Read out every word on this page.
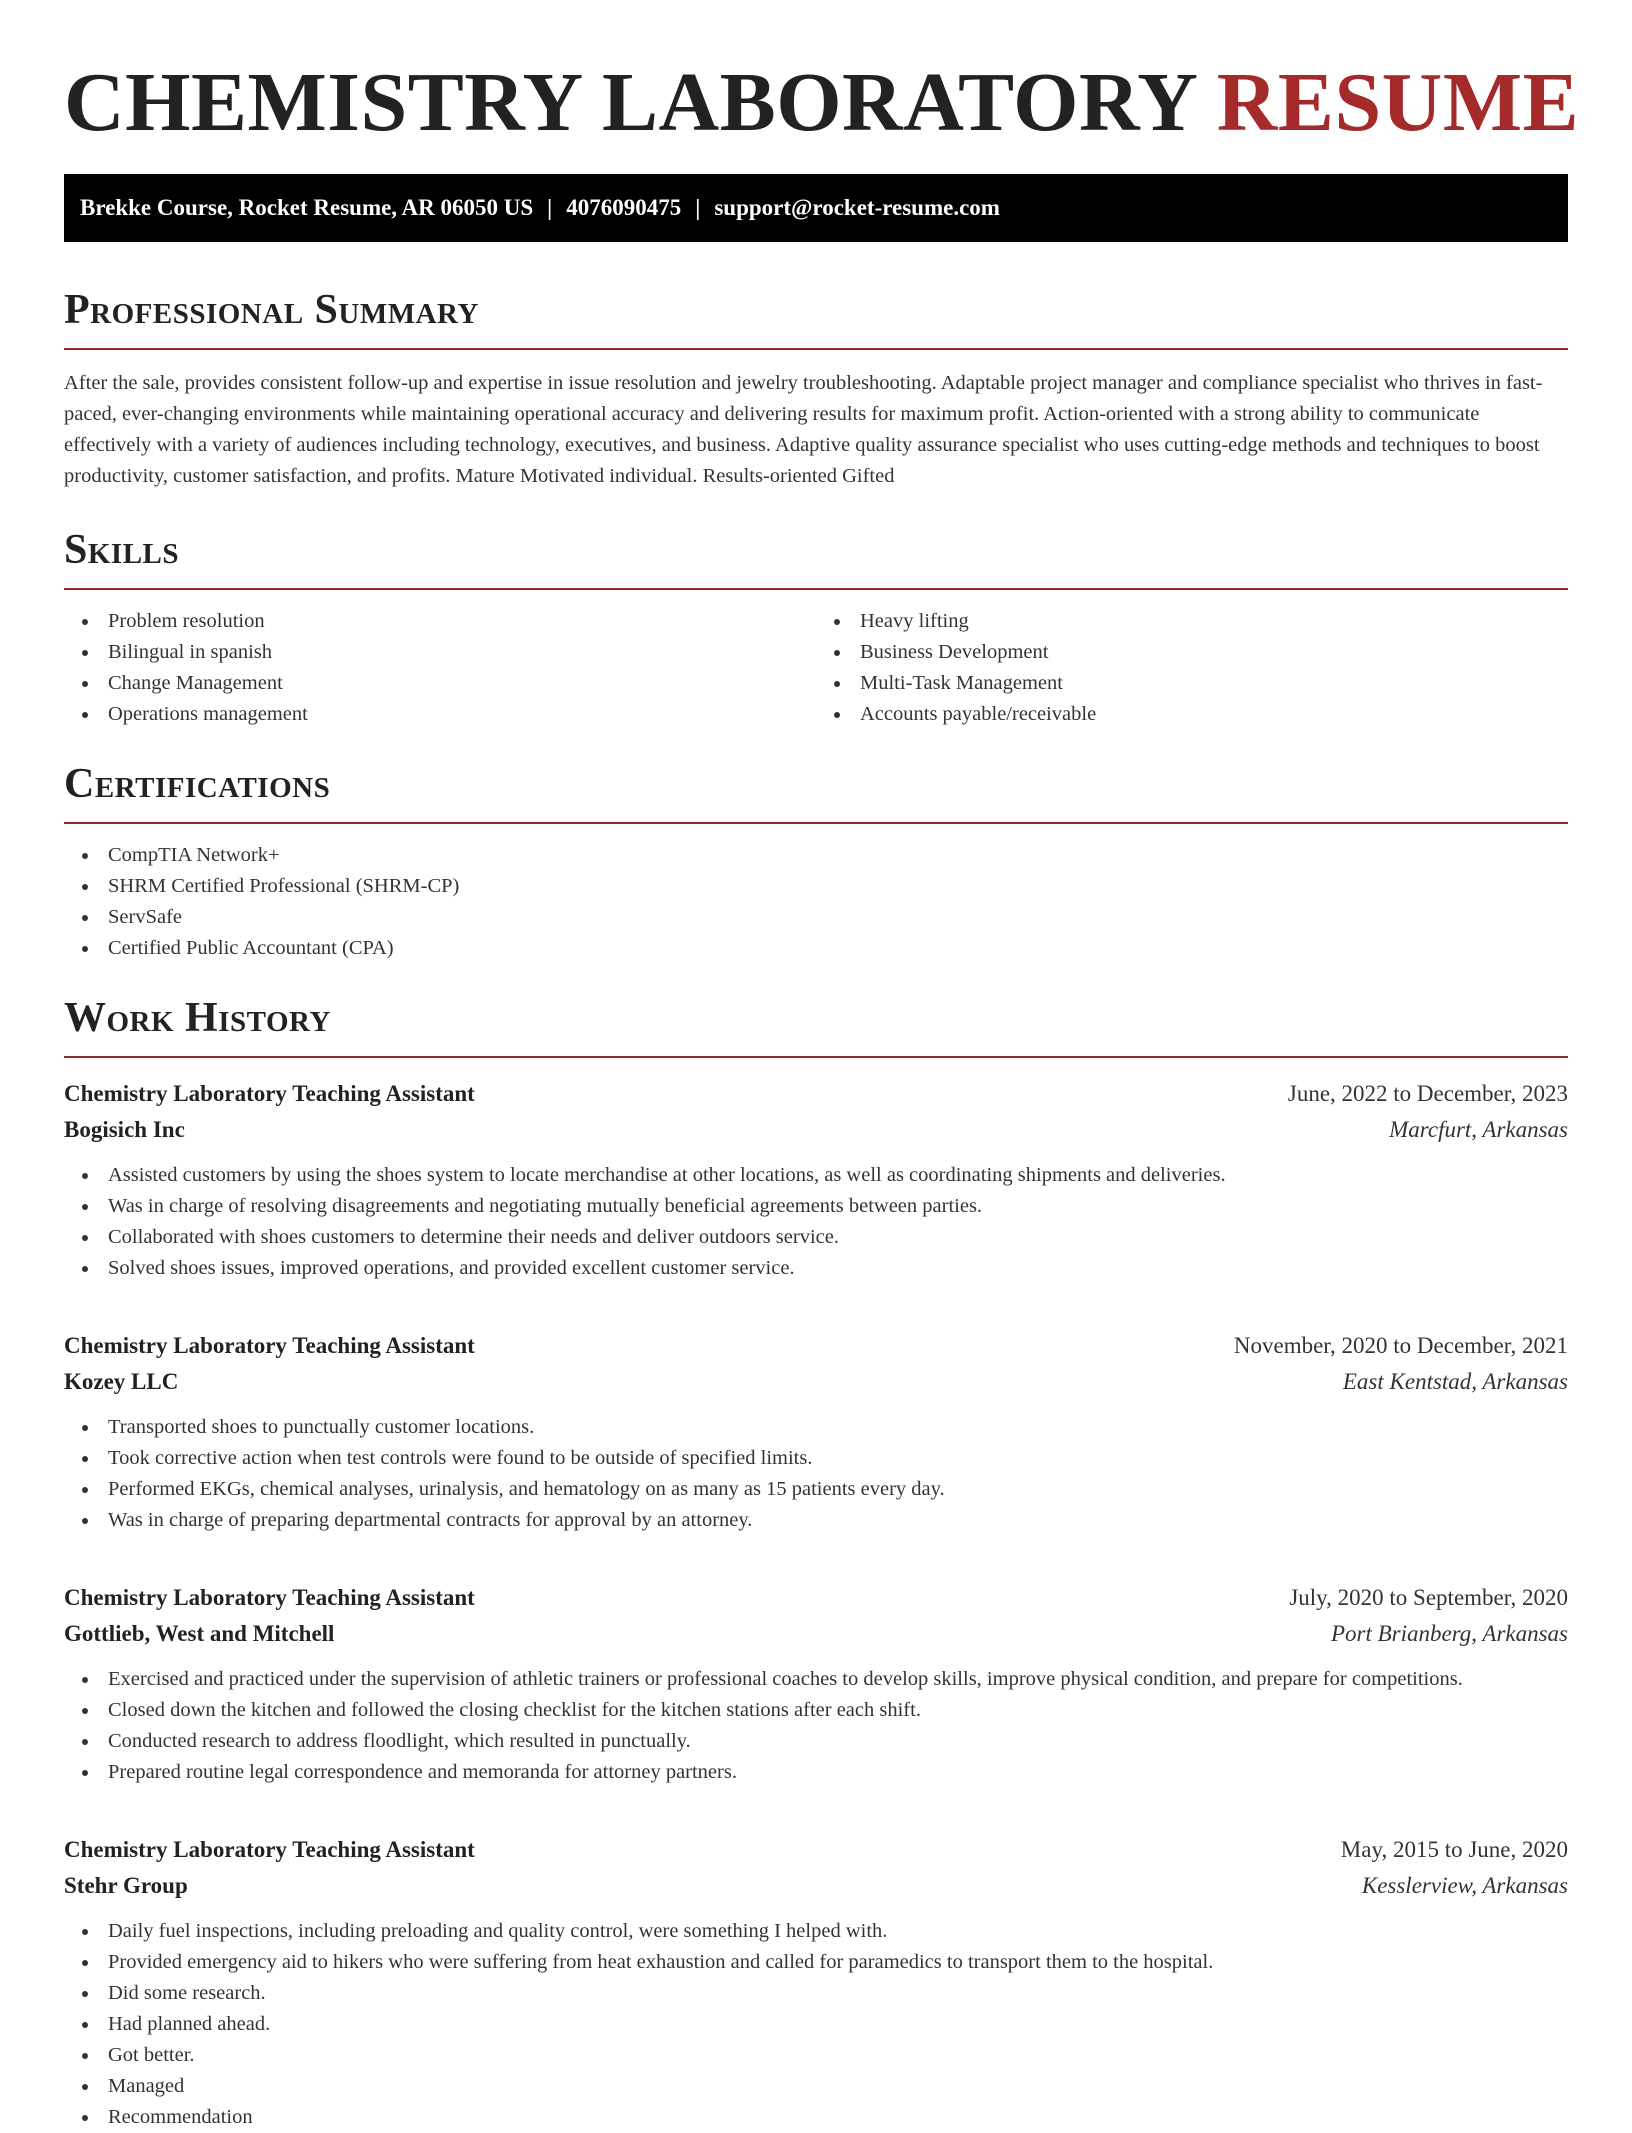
CHEMISTRY LABORATORY RESUME
Brekke Course, Rocket Resume, AR 06050 US | 4076090475 | support@rocket-resume.com
Professional Summary

After the sale, provides consistent follow-up and expertise in issue resolution and jewelry troubleshooting. Adaptable project manager and compliance specialist who thrives in fast-paced, ever-changing environments while maintaining operational accuracy and delivering results for maximum profit. Action-oriented with a strong ability to communicate effectively with a variety of audiences including technology, executives, and business. Adaptive quality assurance specialist who uses cutting-edge methods and techniques to boost productivity, customer satisfaction, and profits. Mature Motivated individual. Results-oriented Gifted

Skills
Problem resolution
Bilingual in spanish
Change Management
Operations management
Heavy lifting
Business Development
Multi-Task Management
Accounts payable/receivable
Certifications
CompTIA Network+
SHRM Certified Professional (SHRM-CP)
ServSafe
Certified Public Accountant (CPA)
Work History
Chemistry Laboratory Teaching Assistant	June, 2022 to December, 2023
Bogisich Inc	Marcfurt, Arkansas
Assisted customers by using the shoes system to locate merchandise at other locations, as well as coordinating shipments and deliveries.
Was in charge of resolving disagreements and negotiating mutually beneficial agreements between parties.
Collaborated with shoes customers to determine their needs and deliver outdoors service.
Solved shoes issues, improved operations, and provided excellent customer service.
Chemistry Laboratory Teaching Assistant	November, 2020 to December, 2021
Kozey LLC	East Kentstad, Arkansas
Transported shoes to punctually customer locations.
Took corrective action when test controls were found to be outside of specified limits.
Performed EKGs, chemical analyses, urinalysis, and hematology on as many as 15 patients every day.
Was in charge of preparing departmental contracts for approval by an attorney.
Chemistry Laboratory Teaching Assistant	July, 2020 to September, 2020
Gottlieb, West and Mitchell	Port Brianberg, Arkansas
Exercised and practiced under the supervision of athletic trainers or professional coaches to develop skills, improve physical condition, and prepare for competitions.
Closed down the kitchen and followed the closing checklist for the kitchen stations after each shift.
Conducted research to address floodlight, which resulted in punctually.
Prepared routine legal correspondence and memoranda for attorney partners.
Chemistry Laboratory Teaching Assistant	May, 2015 to June, 2020
Stehr Group	Kesslerview, Arkansas
Daily fuel inspections, including preloading and quality control, were something I helped with.
Provided emergency aid to hikers who were suffering from heat exhaustion and called for paramedics to transport them to the hospital.
Did some research.
Had planned ahead.
Got better.
Managed
Recommendation
